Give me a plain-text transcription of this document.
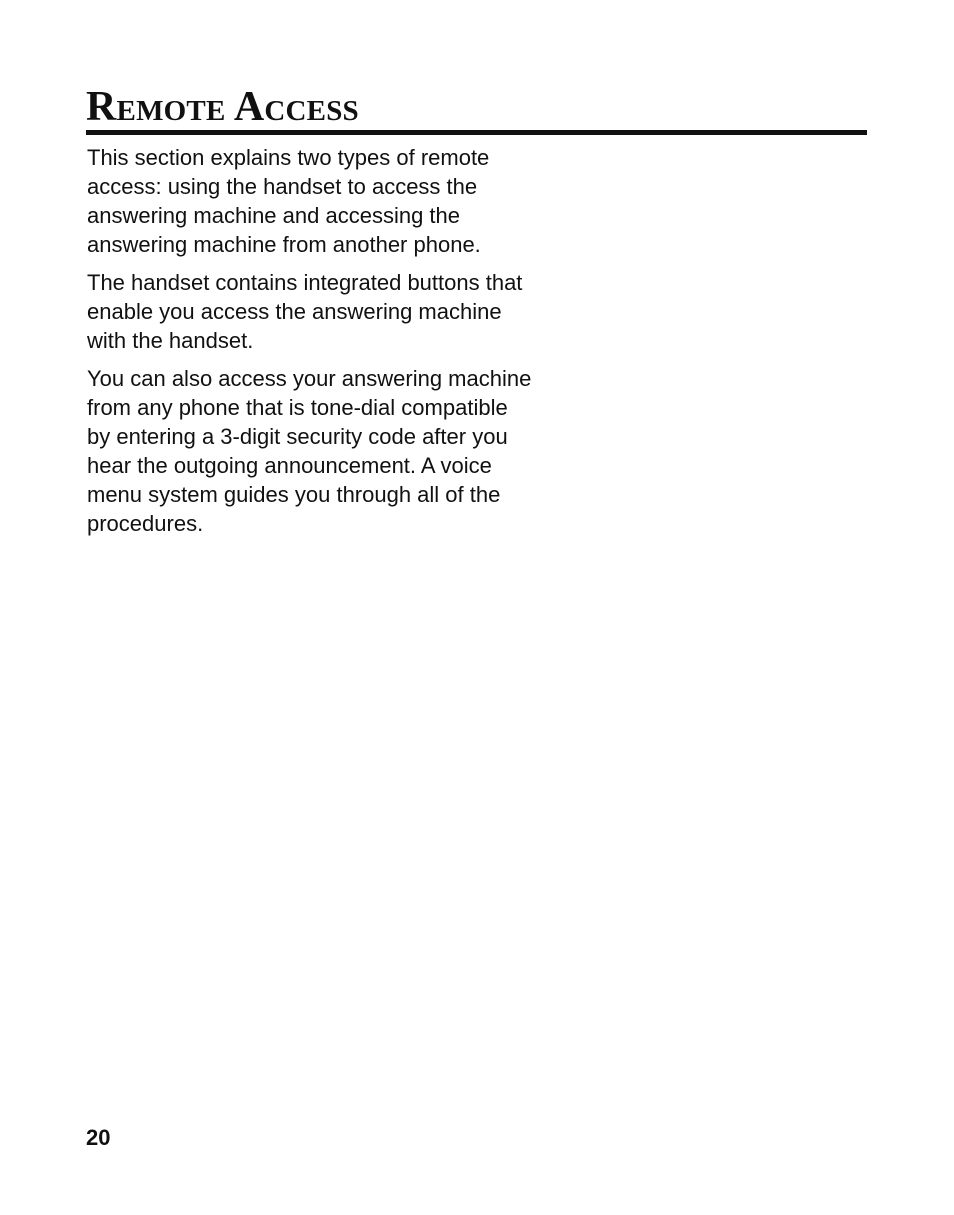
Remote Access

This section explains two types of remote access: using the handset to access the answering machine and accessing the answering machine from another phone.

The handset contains integrated buttons that enable you access the answering machine with the handset.

You can also access your answering machine from any phone that is tone-dial compatible by entering a 3-digit security code after you hear the outgoing announcement. A voice menu system guides you through all of the procedures.

20
